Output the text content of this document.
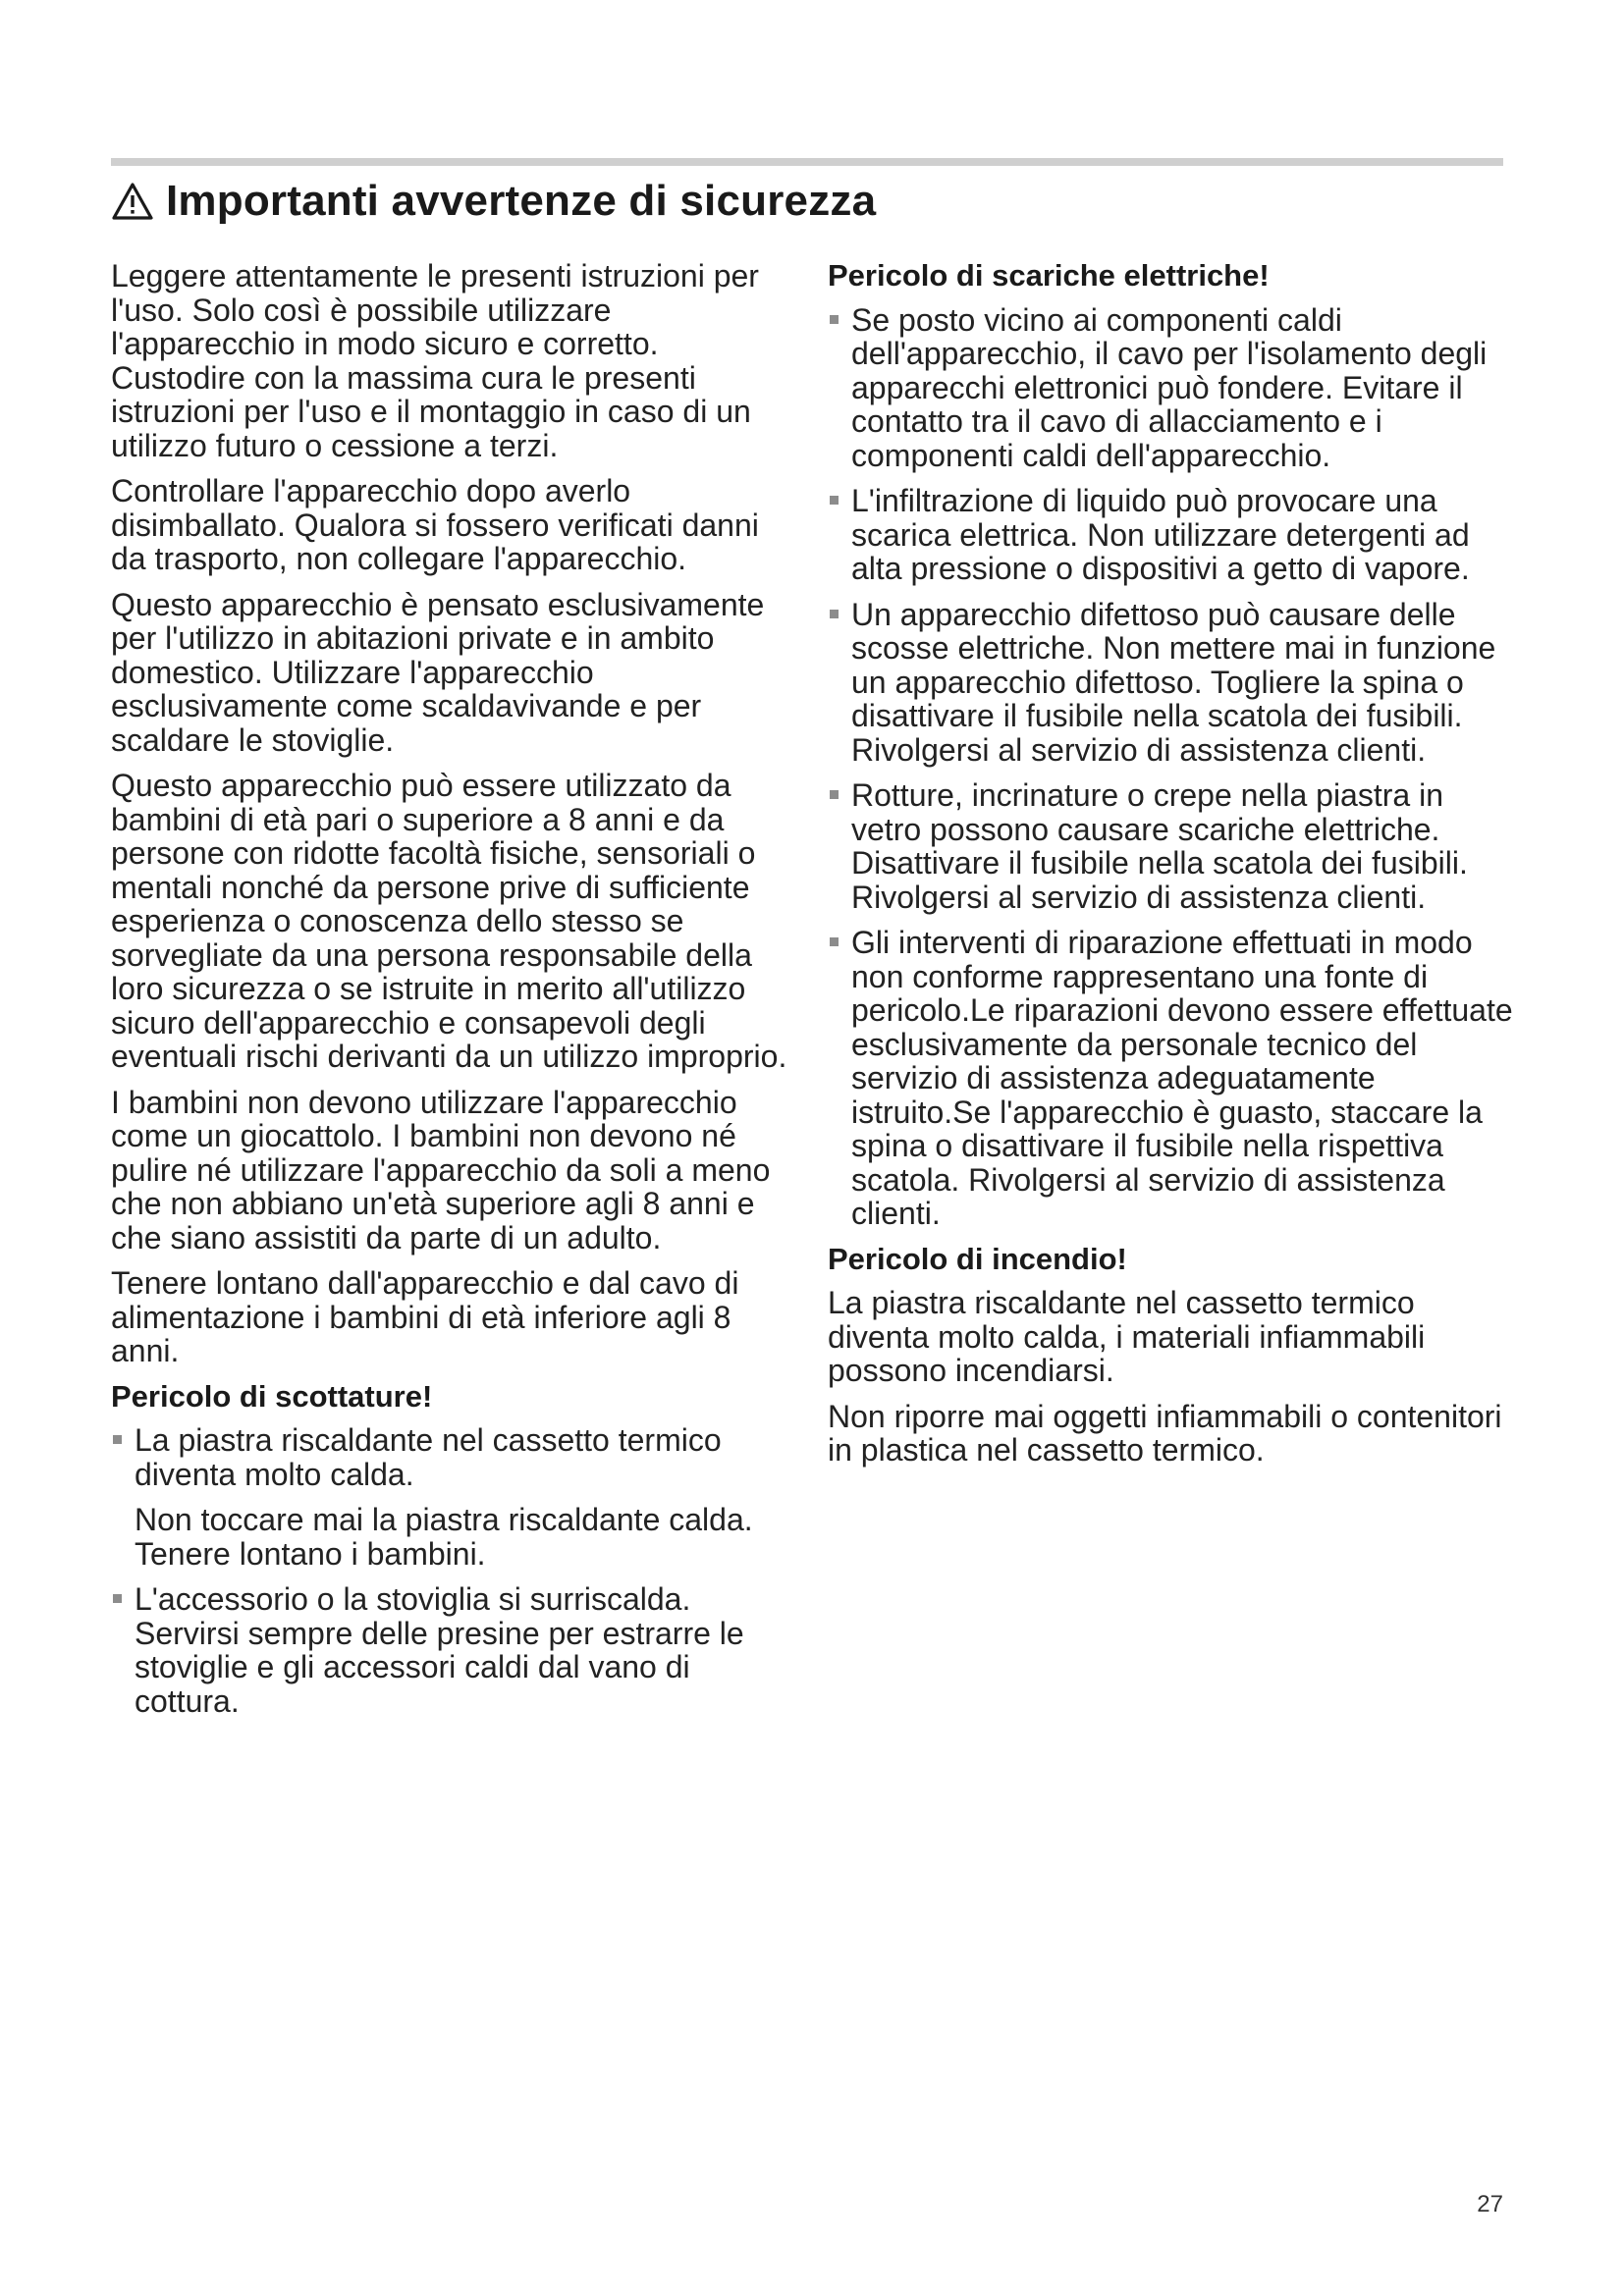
Importanti avvertenze di sicurezza

Leggere attentamente le presenti istruzioni per l'uso. Solo così è possibile utilizzare l'apparecchio in modo sicuro e corretto. Custodire con la massima cura le presenti istruzioni per l'uso e il montaggio in caso di un utilizzo futuro o cessione a terzi.

Controllare l'apparecchio dopo averlo disimballato. Qualora si fossero verificati danni da trasporto, non collegare l'apparecchio.

Questo apparecchio è pensato esclusivamente per l'utilizzo in abitazioni private e in ambito domestico. Utilizzare l'apparecchio esclusivamente come scaldavivande e per scaldare le stoviglie.

Questo apparecchio può essere utilizzato da bambini di età pari o superiore a 8 anni e da persone con ridotte facoltà fisiche, sensoriali o mentali nonché da persone prive di sufficiente esperienza o conoscenza dello stesso se sorvegliate da una persona responsabile della loro sicurezza o se istruite in merito all'utilizzo sicuro dell'apparecchio e consapevoli degli eventuali rischi derivanti da un utilizzo improprio.

I bambini non devono utilizzare l'apparecchio come un giocattolo. I bambini non devono né pulire né utilizzare l'apparecchio da soli a meno che non abbiano un'età superiore agli 8 anni e che siano assistiti da parte di un adulto.

Tenere lontano dall'apparecchio e dal cavo di alimentazione i bambini di età inferiore agli 8 anni.

Pericolo di scottature!

La piastra riscaldante nel cassetto termico diventa molto calda.

Non toccare mai la piastra riscaldante calda. Tenere lontano i bambini.

L'accessorio o la stoviglia si surriscalda. Servirsi sempre delle presine per estrarre le stoviglie e gli accessori caldi dal vano di cottura.

Pericolo di scariche elettriche!
Se posto vicino ai componenti caldi dell'apparecchio, il cavo per l'isolamento degli apparecchi elettronici può fondere. Evitare il contatto tra il cavo di allacciamento e i componenti caldi dell'apparecchio.
L'infiltrazione di liquido può provocare una scarica elettrica. Non utilizzare detergenti ad alta pressione o dispositivi a getto di vapore.
Un apparecchio difettoso può causare delle scosse elettriche. Non mettere mai in funzione un apparecchio difettoso. Togliere la spina o disattivare il fusibile nella scatola dei fusibili. Rivolgersi al servizio di assistenza clienti.
Rotture, incrinature o crepe nella piastra in vetro possono causare scariche elettriche. Disattivare il fusibile nella scatola dei fusibili. Rivolgersi al servizio di assistenza clienti.
Gli interventi di riparazione effettuati in modo non conforme rappresentano una fonte di pericolo.Le riparazioni devono essere effettuate esclusivamente da personale tecnico del servizio di assistenza adeguatamente istruito.Se l'apparecchio è guasto, staccare la spina o disattivare il fusibile nella rispettiva scatola. Rivolgersi al servizio di assistenza clienti.
Pericolo di incendio!

La piastra riscaldante nel cassetto termico diventa molto calda, i materiali infiammabili possono incendiarsi.

Non riporre mai oggetti infiammabili o contenitori in plastica nel cassetto termico.

27
